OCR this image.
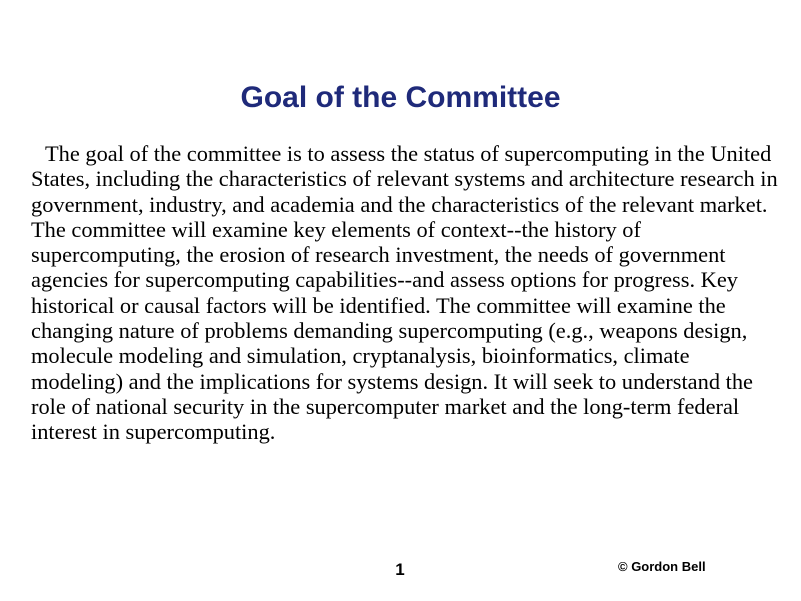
Goal of the Committee

The goal of the committee is to assess the status of supercomputing in the United States, including the characteristics of relevant systems and architecture research in government, industry, and academia and the characteristics of the relevant market. The committee will examine key elements of context--the history of supercomputing, the erosion of research investment, the needs of government agencies for supercomputing capabilities--and assess options for progress. Key historical or causal factors will be identified. The committee will examine the changing nature of problems demanding supercomputing (e.g., weapons design, molecule modeling and simulation, cryptanalysis, bioinformatics, climate modeling) and the implications for systems design. It will seek to understand the role of national security in the supercomputer market and the long-term federal interest in supercomputing.

1	© Gordon Bell
